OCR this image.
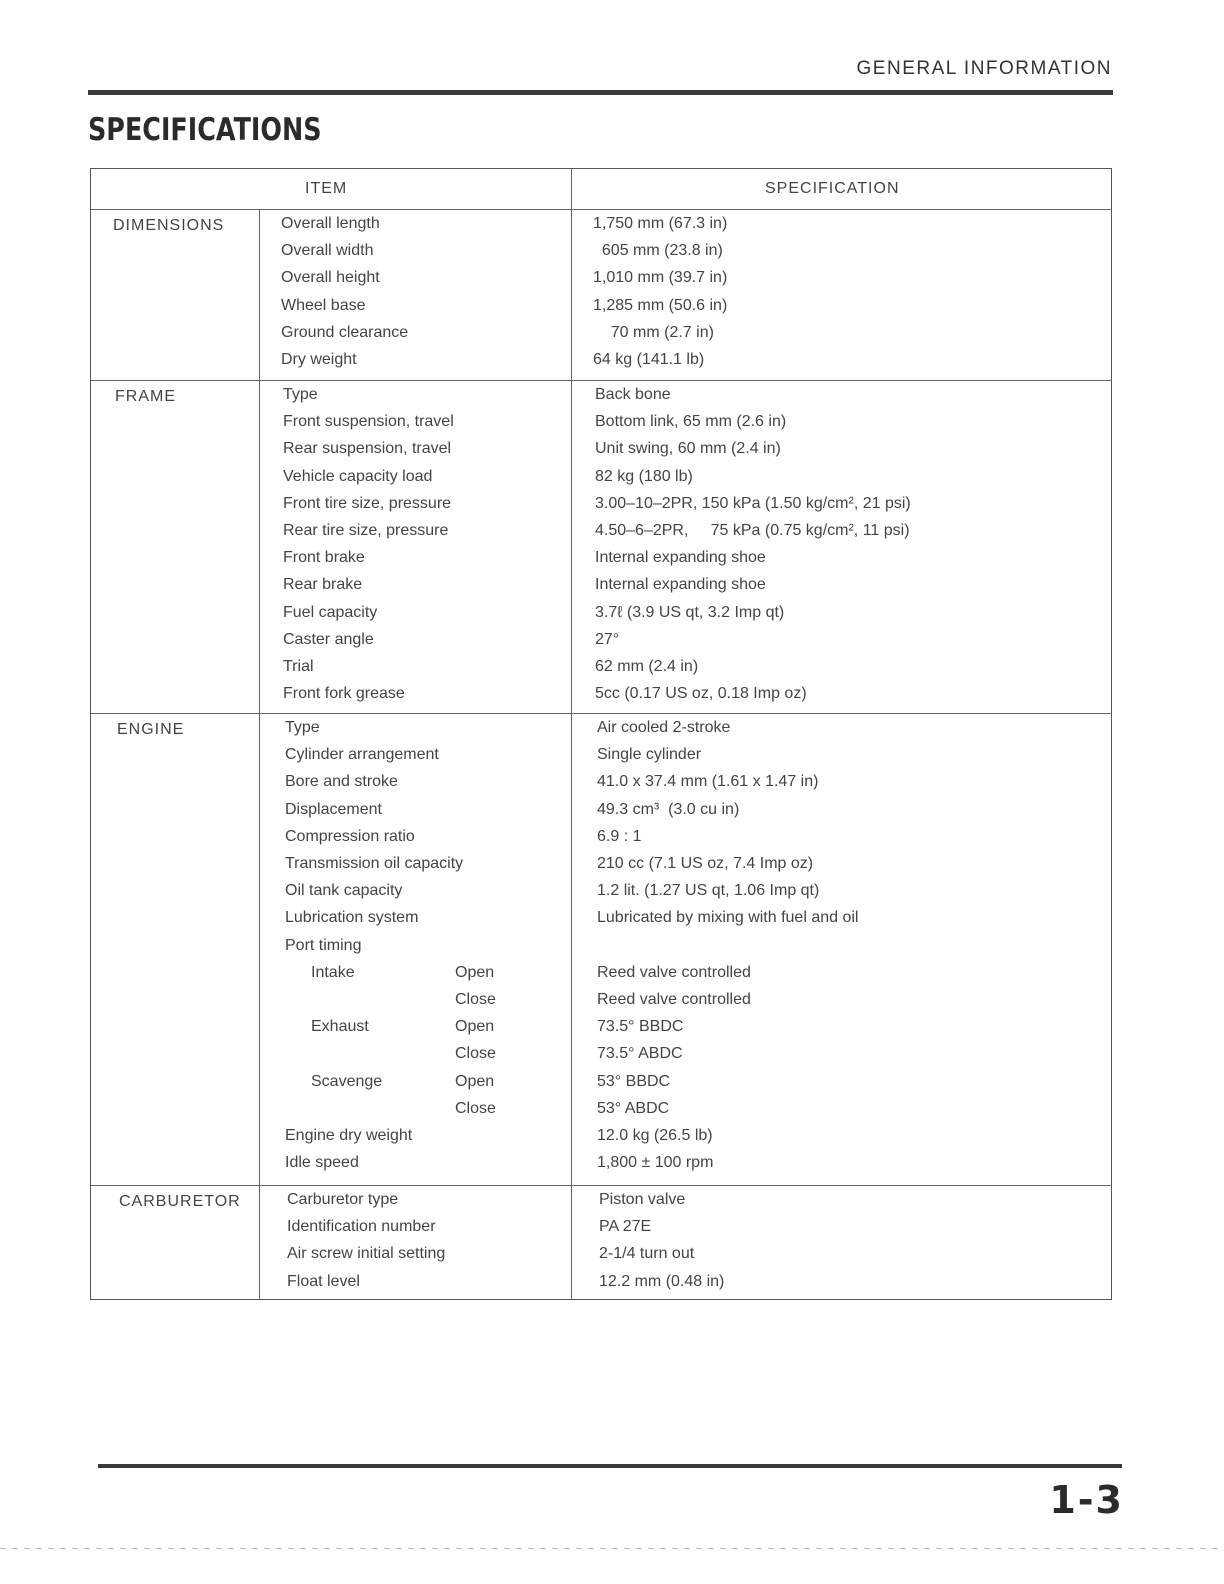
GENERAL INFORMATION
SPECIFICATIONS
ITEM	SPECIFICATION
DIMENSIONS	Overall length	1,750 mm (67.3 in)
Overall width	605 mm (23.8 in)
Overall height	1,010 mm (39.7 in)
Wheel base	1,285 mm (50.6 in)
Ground clearance	70 mm (2.7 in)
Dry weight	64 kg (141.1 lb)
FRAME	Type	Back bone
Front suspension, travel	Bottom link, 65 mm (2.6 in)
Rear suspension, travel	Unit swing, 60 mm (2.4 in)
Vehicle capacity load	82 kg (180 lb)
Front tire size, pressure	3.00–10–2PR, 150 kPa (1.50 kg/cm², 21 psi)
Rear tire size, pressure	4.50–6–2PR,     75 kPa (0.75 kg/cm², 11 psi)
Front brake	Internal expanding shoe
Rear brake	Internal expanding shoe
Fuel capacity	3.7ℓ (3.9 US qt, 3.2 Imp qt)
Caster angle	27°
Trial	62 mm (2.4 in)
Front fork grease	5cc (0.17 US oz, 0.18 Imp oz)
ENGINE	Type	Air cooled 2-stroke
Cylinder arrangement	Single cylinder
Bore and stroke	41.0 x 37.4 mm (1.61 x 1.47 in)
Displacement	49.3 cm³  (3.0 cu in)
Compression ratio	6.9 : 1
Transmission oil capacity	210 cc (7.1 US oz, 7.4 Imp oz)
Oil tank capacity	1.2 lit. (1.27 US qt, 1.06 Imp qt)
Lubrication system	Lubricated by mixing with fuel and oil
Port timing
Intake	Open	Reed valve controlled
Close	Reed valve controlled
Exhaust	Open	73.5° BBDC
Close	73.5° ABDC
Scavenge	Open	53° BBDC
Close	53° ABDC
Engine dry weight	12.0 kg (26.5 lb)
Idle speed	1,800 ± 100 rpm
CARBURETOR	Carburetor type	Piston valve
Identification number	PA 27E
Air screw initial setting	2-1/4 turn out
Float level	12.2 mm (0.48 in)
1-3
